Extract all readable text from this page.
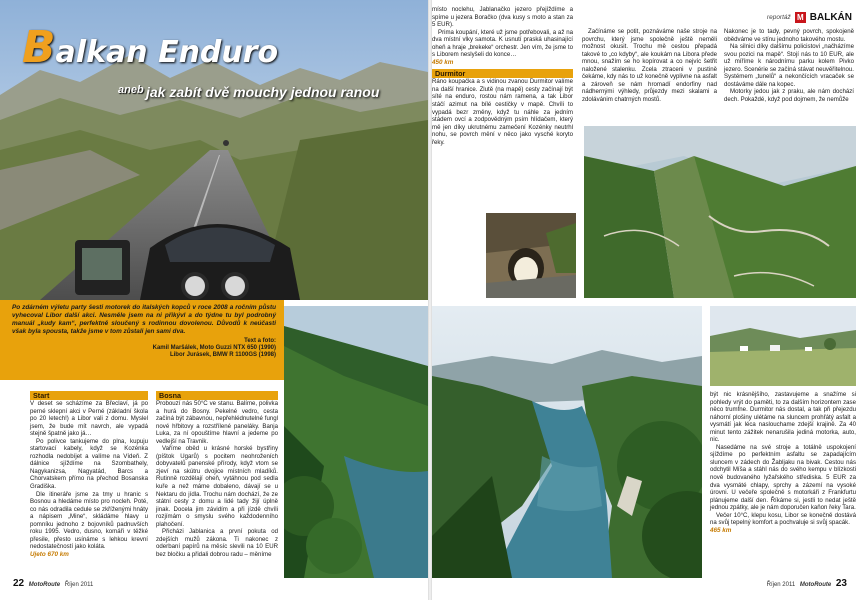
Balkan Enduro
aneb jak zabít dvě mouchy jednou ranou
Po zdárném výletu party šesti motorek do italských kopců v roce 2008 a ročním půstu vyhecoval Libor další akci. Nesměle jsem na ni přikývl a do týdne tu byl podrobný manuál „kudy kam“, perfektně sloučený s rodinnou dovolenou. Důvodů k neúčasti však byla spousta, takže jsme v tom zůstali jen sami dva.
Text a foto:
Kamil Maršálek, Moto Guzzi NTX 650 (1990)
Libor Jurásek, BMW R 1100GS (1998)
Start

V deset se scházíme za Břeclaví, já po perné sklepní akci v Perné (základní škola po 20 letech!) a Libor vali z domu. Myslel jsem, že bude mít navrch, ale vypadá stejně špatně jako já…

Po polivce tankujeme do plna, kupuju startovací kabely, když se Kozénka rozhodla nedobíjet a valíme na Vídeň. Z dálnice sjíždíme na Szombathely, Nagykanizsa, Nagyatád, Barcs a Chorvatskem přímo na přechod Bosanska Gradiška.

Dle itineráře jsme za tmy u hranic s Bosnou a hledáme místo pro nocleh. Poté, co nás odradila cedule se zkříženými hnáty a nápisem „Mine“, skládáme hlavy u pomníku jednoho z bojovníků padnuvších roku 1995. Vedro, dusno, komáři v těžké přesile, přesto usínáme s lehkou krevní nedostatečností jako koláta.

Ujeto 670 km
Bosna

Probouzí nás 50°C ve stanu. Balíme, polivka a hurá do Bosny. Pekelné vedro, cesta začíná být zábavnou, nepřehlédnutelné fungl nové hřbitovy a rozstřílené paneláky. Banja Luka, za ní opouštíme hlavní a jedeme po vedlejší na Travnik.

Vaříme oběd u krásné horské bystřiny (píštok Ugarů) s pocitem neohroženích dobyvatelů panenské přírody, když vtom se zjeví na skútru dvojice místních mladíků. Rutinně rozdělají oheň, vytáhnou pod sedla kuře a než máme dobaleno, dávají se u Nektaru do jídla. Trochu nám dochází, že ze státní cesty z domu a lidé tady žijí úplně jinak. Docela jim závidím a při jízdě chvíli rozjímám o smyslu svého každodenního plahočení.

Přicházi Jablanica a první pokuta od zdejších mužů zákona. Ti nakonec z oderbaní papírů na měsíc slevili na 10 EUR bez bločku a přidali dobrou radu – měníme

22 MotoRoute Říjen 2011
reportáž M BALKÁN

místo noclehu, Jablanačko jezero přejíždíme a spíme u jezera Boračko (dva kusy s moto a stan za 5 EUR).

Prima koupání, které už jsme potřebovali, a až na dva místní vlky samota. K usnutí praská uhasinající oheň a hraje „brekeke“ orchestr. Jen vím, že jsme to s Liborem neslyšeli do konce…

450 km
Durmitor

Ráno koupačka a s vidinou zvanou Durmitor valíme na další hranice. Zlutě (na mapě) cesty začínají být síté na enduro, rostou nám ramena, a tak Libor stáčí azimut na bílé cestičky v mapě. Chvíli to vypadá bezr změny, když tu náhle za jedním stádem ovcí a zodpovědným psím hlídačem, který mě jen díky ukrutnému zamečení Kozénky neutrhl nohu, se povrch mění v něco jako vysché koryto řeky.

Začínáme se potit, poznáváme naše stroje na povrchu, který jsme společně ještě neměli možnost okusit. Trochu mě cestou přepadá takové to „co kdyby“, ale koukám na Libora přede mnou, snažím se ho kopírovat a co nejvíc šetřit naložené stalenku. Zcela ztraceni v pustině čekáme, kdy nás to už konečně vyplivne na asfalt a zároveň se nám hromadí endorfiny nad nádhernými výhledy, průjezdy mezi skalami a zdolávánim chatrných mostů.

Nakonec je to tady, pevný povrch, spokojeně obědváme ve stínu jednoho takového mostu.

Na silnici díky dalšímu policistovi „načházíme svou pozici na mapě“. Stojí nás to 10 EUR, ale už míříme k národnímu parku kolem Pivko jezero. Scenérie se začíná stávat neuvěřitelnou. Systémem „tunelů“ a nekončících vracaček se dostáváme dále na kopec.

Motorky jedou jak z praku, ale nám dochází dech. Pokaždé, když pod dojmem, že nemůže

být nic krásnějšího, zastavujeme a snažíme si pohledy vrýt do paměti, to za dalším horizontem zase něco trumfne. Durmitor nás dostal, a tak při přejezdu náhorní plošiny ulétáme na sluncem prohřátý asfalt a vysmátí jak léca naslouchame zdejší krajině. Za 40 minut tento zážitek nenarušila jediná motorka, auto, nic.

Nasedáme na své stroje a totálně uspokojení sjíždíme po perfektním asfaltu se zapadajícím sluncem v zádech do Žabljaku na bivak. Cestou nás odchytil Míša a stáhl nás do svého kempu v blízkosti nově budovaného lyžařského střediska. 5 EUR za dva vysmáté chlapy, sprchy a zázemí na vysoké úrovni. U večeře společně s motorkáři z Frankfurtu plánujeme další den. Říkáme si, jestli to nedat ještě jednou zpátky, ale je nám doporučen kaňon řeky Tara.

Večer 10°C, klepu kosu, Libor se konečně dostává na svůj tepelný komfort a pochvaluje si svůj spacák.

465 km
Říjen 2011 MotoRoute 23
